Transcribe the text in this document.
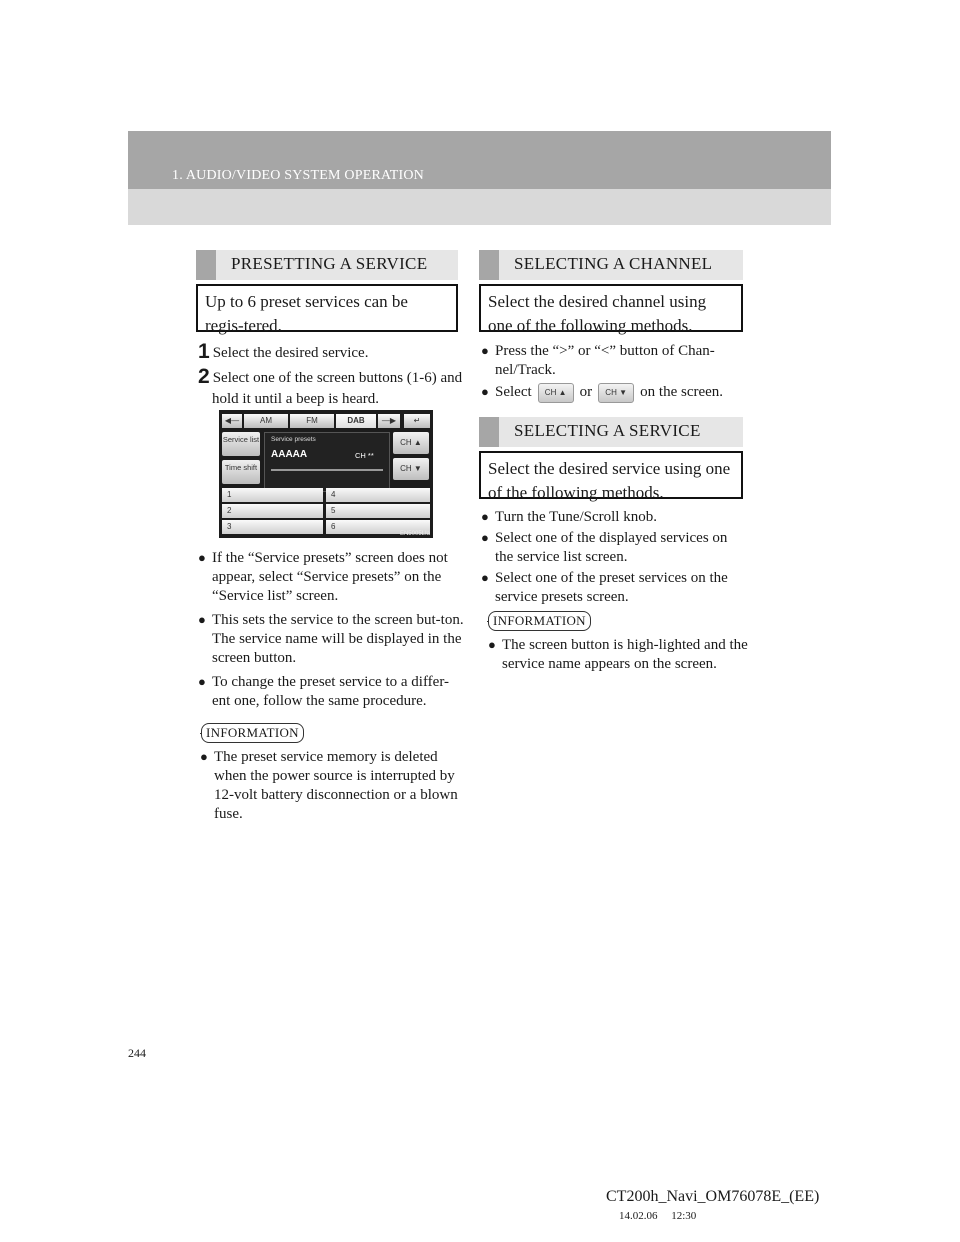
1. AUDIO/VIDEO SYSTEM OPERATION
PRESETTING A SERVICE
Up to 6 preset services can be regis-tered.
1 Select the desired service.
2 Select one of the screen buttons (1-6) and hold it until a beep is heard.
◀—	AM	FM	DAB	—▶	↵
Service list
Time shift
Service presets
AAAAA	CH **
CH ▲
CH ▼
1
2
3
4
5
6
EN5005LIa
● If the “Service presets” screen does not appear, select “Service presets” on the “Service list” screen.
● This sets the service to the screen but-ton.
The service name will be displayed in the screen button.
● To change the preset service to a differ-ent one, follow the same procedure.
INFORMATION
● The preset service memory is deleted when the power source is interrupted by 12-volt battery disconnection or a blown fuse.
SELECTING A CHANNEL
Select the desired channel using one of the following methods.
● Press the “>” or “<” button of Chan-nel/Track.
● Select CH ▲ or CH ▼ on the screen.
SELECTING A SERVICE
Select the desired service using one of the following methods.
● Turn the Tune/Scroll knob.
● Select one of the displayed services on the service list screen.
● Select one of the preset services on the service presets screen.
INFORMATION
● The screen button is high-lighted and the service name appears on the screen.
244
CT200h_Navi_OM76078E_(EE)
14.02.06     12:30
